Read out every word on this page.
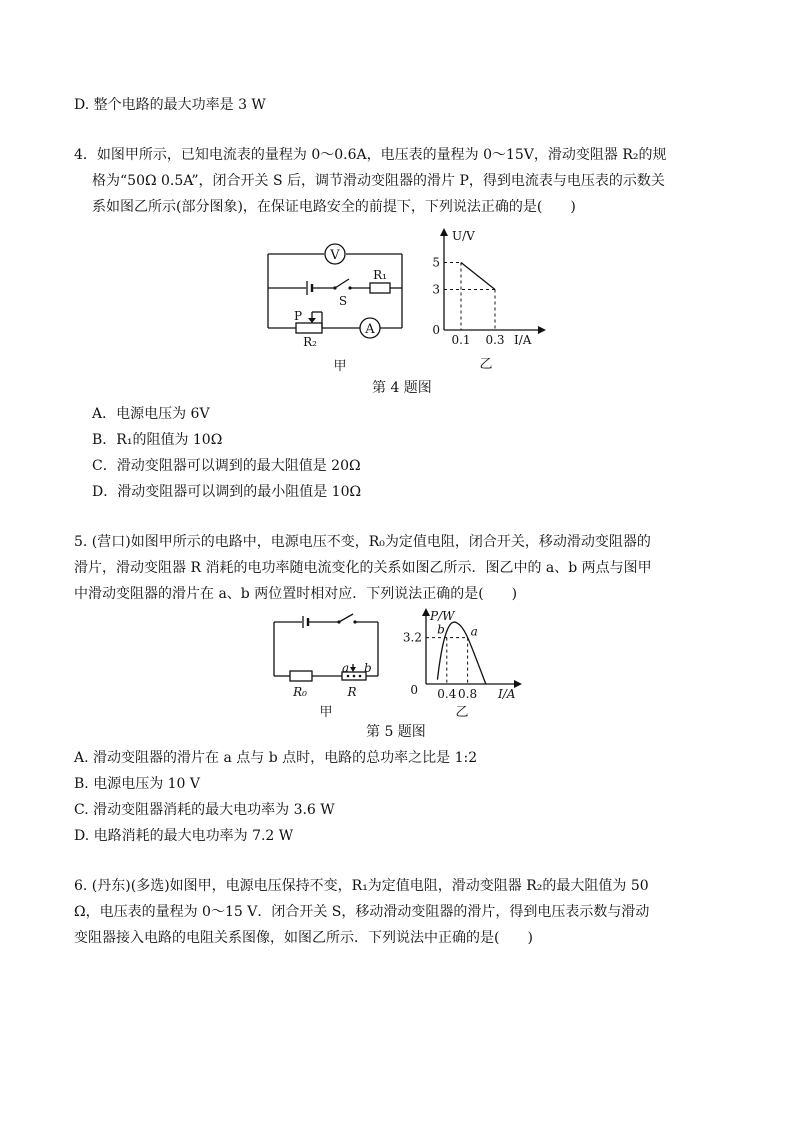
D. 整个电路的最大功率是 3 W
4．如图甲所示，已知电流表的量程为 0～0.6A，电压表的量程为 0～15V，滑动变阻器 R₂的规
格为“50Ω 0.5A”，闭合开关 S 后，调节滑动变阻器的滑片 P，得到电流表与电压表的示数关
系如图乙所示(部分图象)，在保证电路安全的前提下，下列说法正确的是(　　)
V
S
R₁
A
P
R₂
甲
U/V
I/A
0
5
3
0.1 0.3
乙
第 4 题图
A．电源电压为 6V
B．R₁的阻值为 10Ω
C．滑动变阻器可以调到的最大阻值是 20Ω
D．滑动变阻器可以调到的最小阻值是 10Ω
5. (营口)如图甲所示的电路中，电源电压不变，R₀为定值电阻，闭合开关，移动滑动变阻器的
滑片，滑动变阻器 R 消耗的电功率随电流变化的关系如图乙所示．图乙中的 a、b 两点与图甲
中滑动变阻器的滑片在 a、b 两位置时相对应．下列说法正确的是(　　)
a b
R₀	R
甲
P/W
I/A
0
3.2
0.4 0.8
b a
乙
第 5 题图
A. 滑动变阻器的滑片在 a 点与 b 点时，电路的总功率之比是 1:2
B. 电源电压为 10 V
C. 滑动变阻器消耗的最大电功率为 3.6 W
D. 电路消耗的最大电功率为 7.2 W
6. (丹东)(多选)如图甲，电源电压保持不变，R₁为定值电阻，滑动变阻器 R₂的最大阻值为 50
Ω，电压表的量程为 0～15 V．闭合开关 S，移动滑动变阻器的滑片，得到电压表示数与滑动
变阻器接入电路的电阻关系图像，如图乙所示．下列说法中正确的是(　　)
